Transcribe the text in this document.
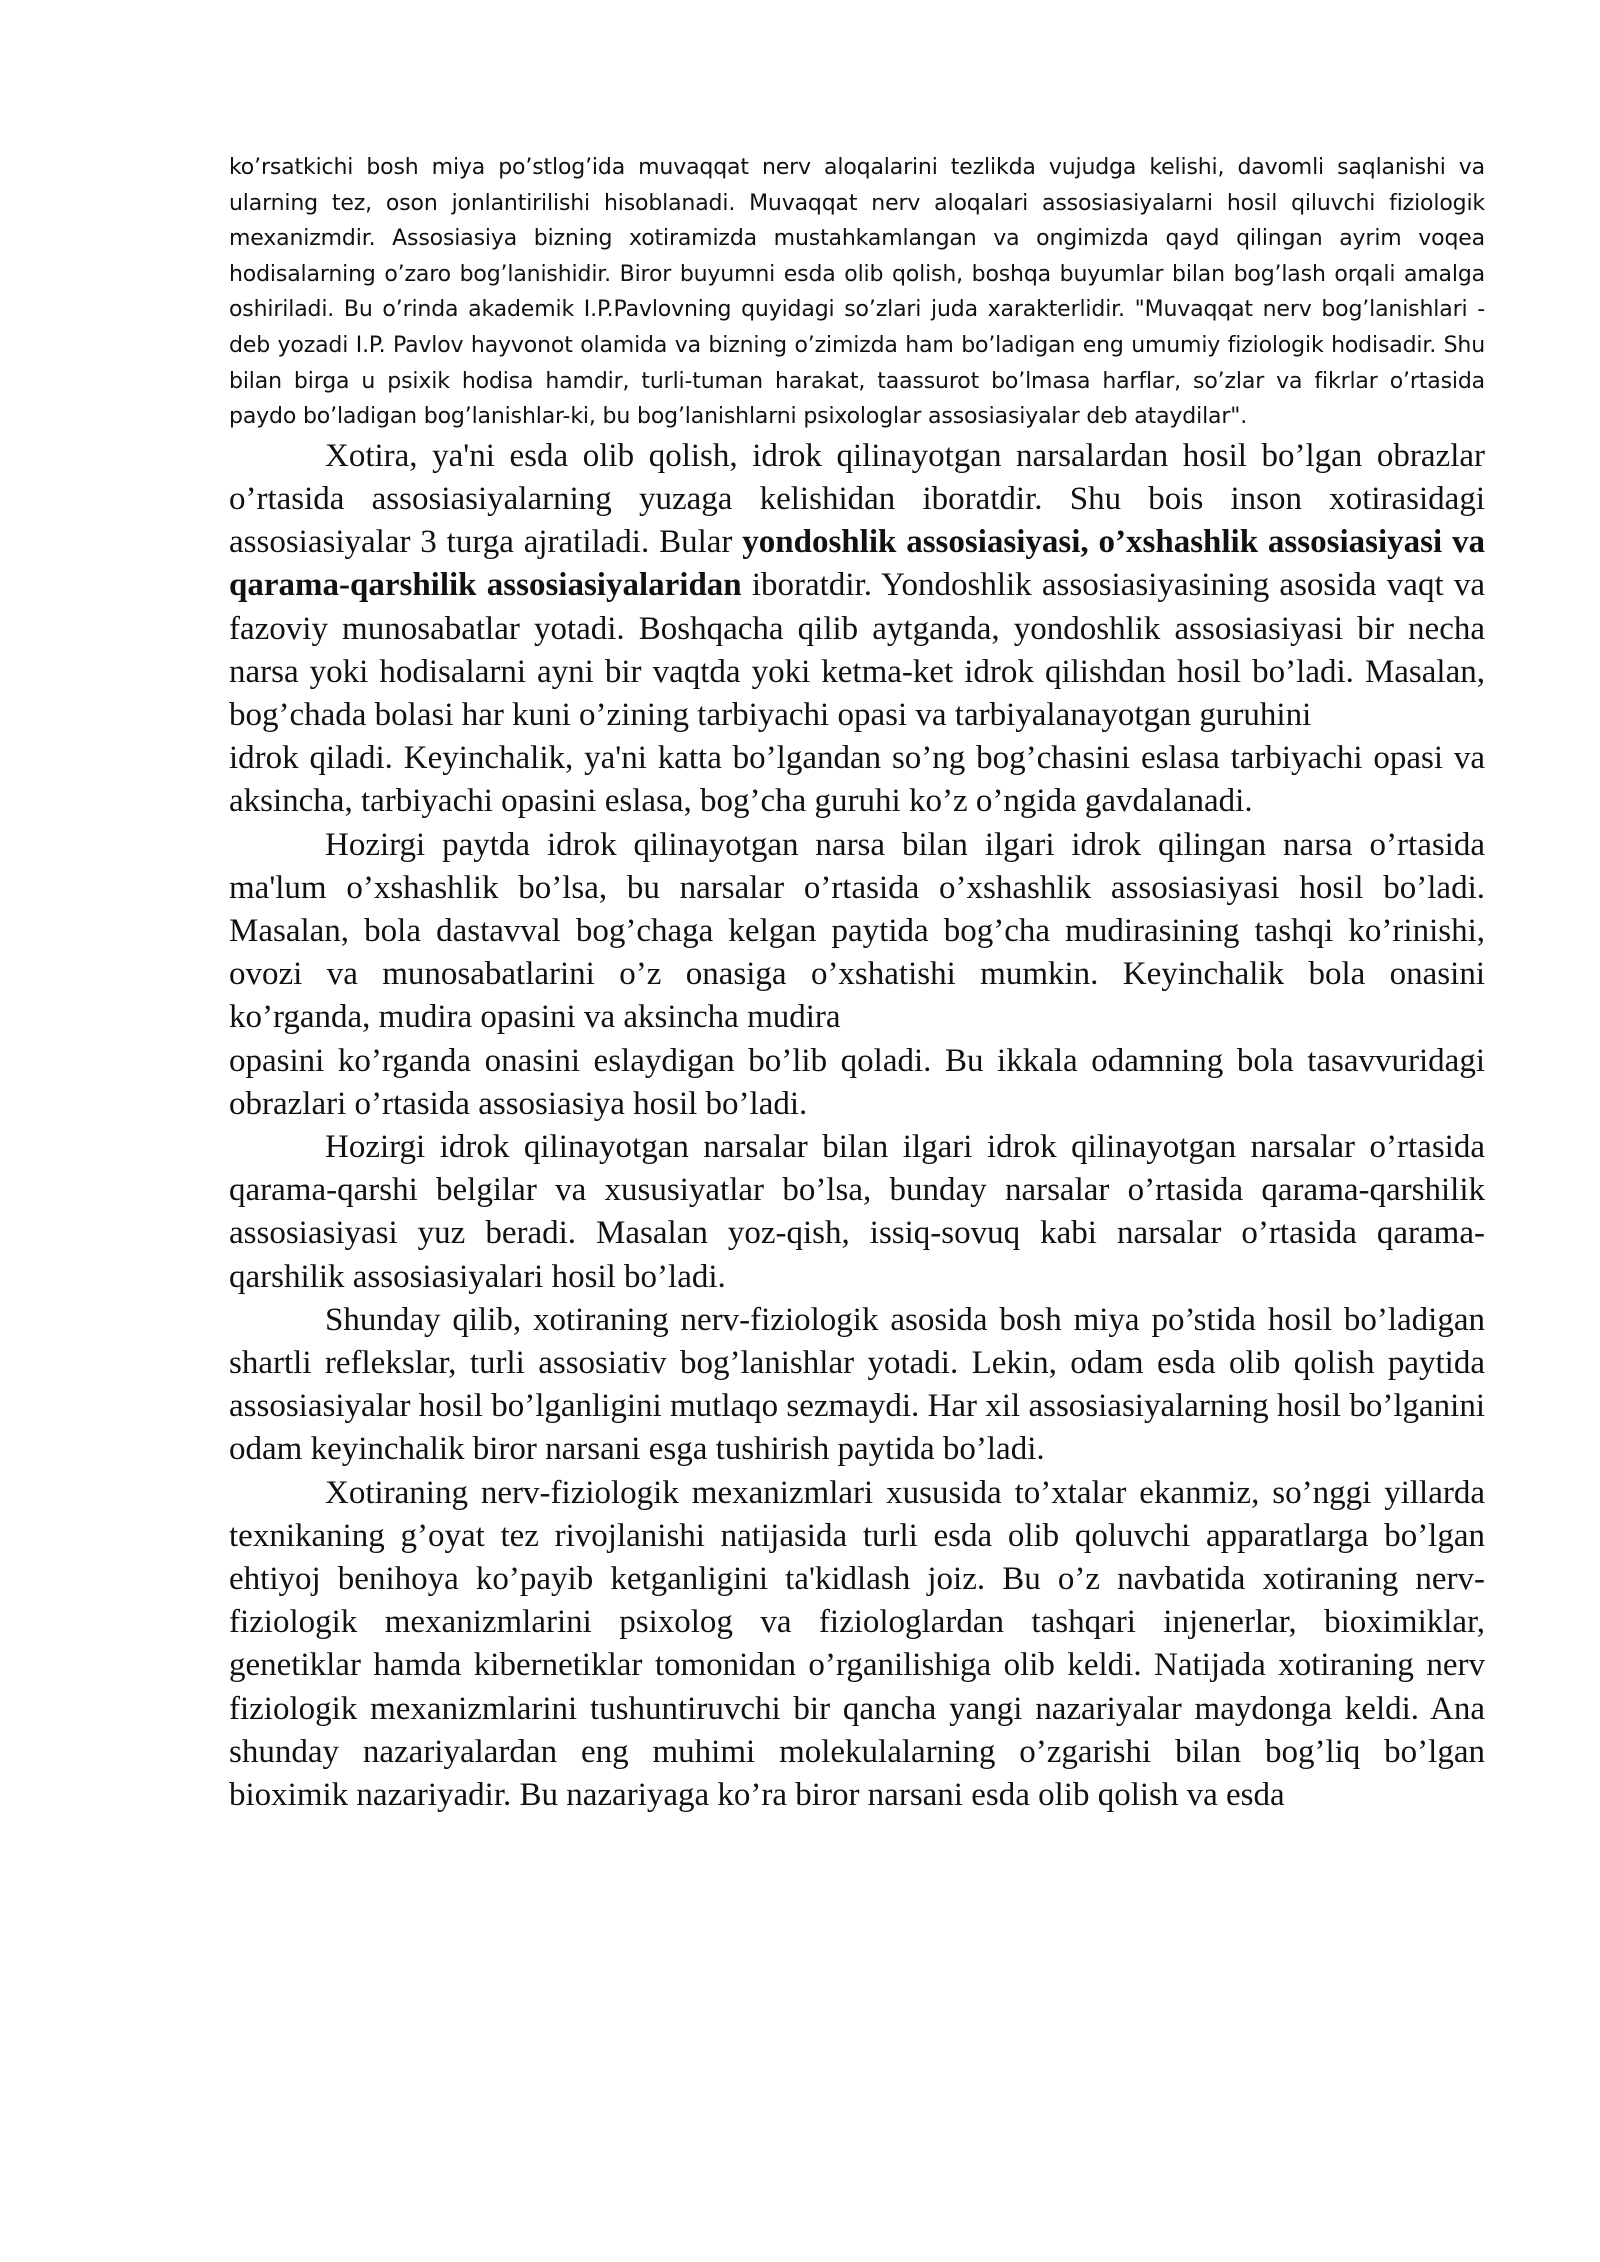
ko’rsatkichi bosh miya po’stlog’ida muvaqqat nerv aloqalarini tezlikda vujudga kelishi, davomli saqlanishi va ularning tez, oson jonlantirilishi hisoblanadi. Muvaqqat nerv aloqalari assosiasiyalarni hosil qiluvchi fiziologik mexanizmdir. Assosiasiya bizning xotiramizda mustahkamlangan va ongimizda qayd qilingan ayrim voqea hodisalarning o’zaro bog’lanishidir. Biror buyumni esda olib qolish, boshqa buyumlar bilan bog’lash orqali amalga oshiriladi. Bu o’rinda akademik I.P.Pavlovning quyidagi so’zlari juda xarakterlidir. "Muvaqqat nerv bog’lanishlari - deb yozadi I.P. Pavlov hayvonot olamida va bizning o’zimizda ham bo’ladigan eng umumiy fiziologik hodisadir. Shu bilan birga u psixik hodisa hamdir, turli-tuman harakat, taassurot bo’lmasa harflar, so’zlar va fikrlar o’rtasida paydo bo’ladigan bog’lanishlar-ki, bu bog’lanishlarni psixologlar assosiasiyalar deb ataydilar".

Xotira, ya'ni esda olib qolish, idrok qilinayotgan narsalardan hosil bo’lgan obrazlar o’rtasida assosiasiyalarning yuzaga kelishidan iboratdir. Shu bois inson xotirasidagi assosiasiyalar 3 turga ajratiladi. Bular yondoshlik assosiasiyasi, o’xshashlik assosiasiyasi va qarama-qarshilik assosiasiyalaridan iboratdir. Yondoshlik assosiasiyasining asosida vaqt va fazoviy munosabatlar yotadi. Boshqacha qilib aytganda, yondoshlik assosiasiyasi bir necha narsa yoki hodisalarni ayni bir vaqtda yoki ketma-ket idrok qilishdan hosil bo’ladi. Masalan, bog’chada bolasi har kuni o’zining tarbiyachi opasi va tarbiyalanayotgan guruhini

idrok qiladi. Keyinchalik, ya'ni katta bo’lgandan so’ng bog’chasini eslasa tarbiyachi opasi va aksincha, tarbiyachi opasini eslasa, bog’cha guruhi ko’z o’ngida gavdalanadi.

Hozirgi paytda idrok qilinayotgan narsa bilan ilgari idrok qilingan narsa o’rtasida ma'lum o’xshashlik bo’lsa, bu narsalar o’rtasida o’xshashlik assosiasiyasi hosil bo’ladi. Masalan, bola dastavval bog’chaga kelgan paytida bog’cha mudirasining tashqi ko’rinishi, ovozi va munosabatlarini o’z onasiga o’xshatishi mumkin. Keyinchalik bola onasini ko’rganda, mudira opasini va aksincha mudira

opasini ko’rganda onasini eslaydigan bo’lib qoladi. Bu ikkala odamning bola tasavvuridagi obrazlari o’rtasida assosiasiya hosil bo’ladi.

Hozirgi idrok qilinayotgan narsalar bilan ilgari idrok qilinayotgan narsalar o’rtasida qarama-qarshi belgilar va xususiyatlar bo’lsa, bunday narsalar o’rtasida qarama-qarshilik assosiasiyasi yuz beradi. Masalan yoz-qish, issiq-sovuq kabi narsalar o’rtasida qarama-qarshilik assosiasiyalari hosil bo’ladi.

Shunday qilib, xotiraning nerv-fiziologik asosida bosh miya po’stida hosil bo’ladigan shartli reflekslar, turli assosiativ bog’lanishlar yotadi. Lekin, odam esda olib qolish paytida assosiasiyalar hosil bo’lganligini mutlaqo sezmaydi. Har xil assosiasiyalarning hosil bo’lganini odam keyinchalik biror narsani esga tushirish paytida bo’ladi.

Xotiraning nerv-fiziologik mexanizmlari xususida to’xtalar ekanmiz, so’nggi yillarda texnikaning g’oyat tez rivojlanishi natijasida turli esda olib qoluvchi apparatlarga bo’lgan ehtiyoj benihoya ko’payib ketganligini ta'kidlash joiz. Bu o’z navbatida xotiraning nerv-fiziologik mexanizmlarini psixolog va fiziologlardan tashqari injenerlar, bioximiklar, genetiklar hamda kibernetiklar tomonidan o’rganilishiga olib keldi. Natijada xotiraning nerv fiziologik mexanizmlarini tushuntiruvchi bir qancha yangi nazariyalar maydonga keldi. Ana shunday nazariyalardan eng muhimi molekulalarning o’zgarishi bilan bog’liq bo’lgan bioximik nazariyadir. Bu nazariyaga ko’ra biror narsani esda olib qolish va esda
